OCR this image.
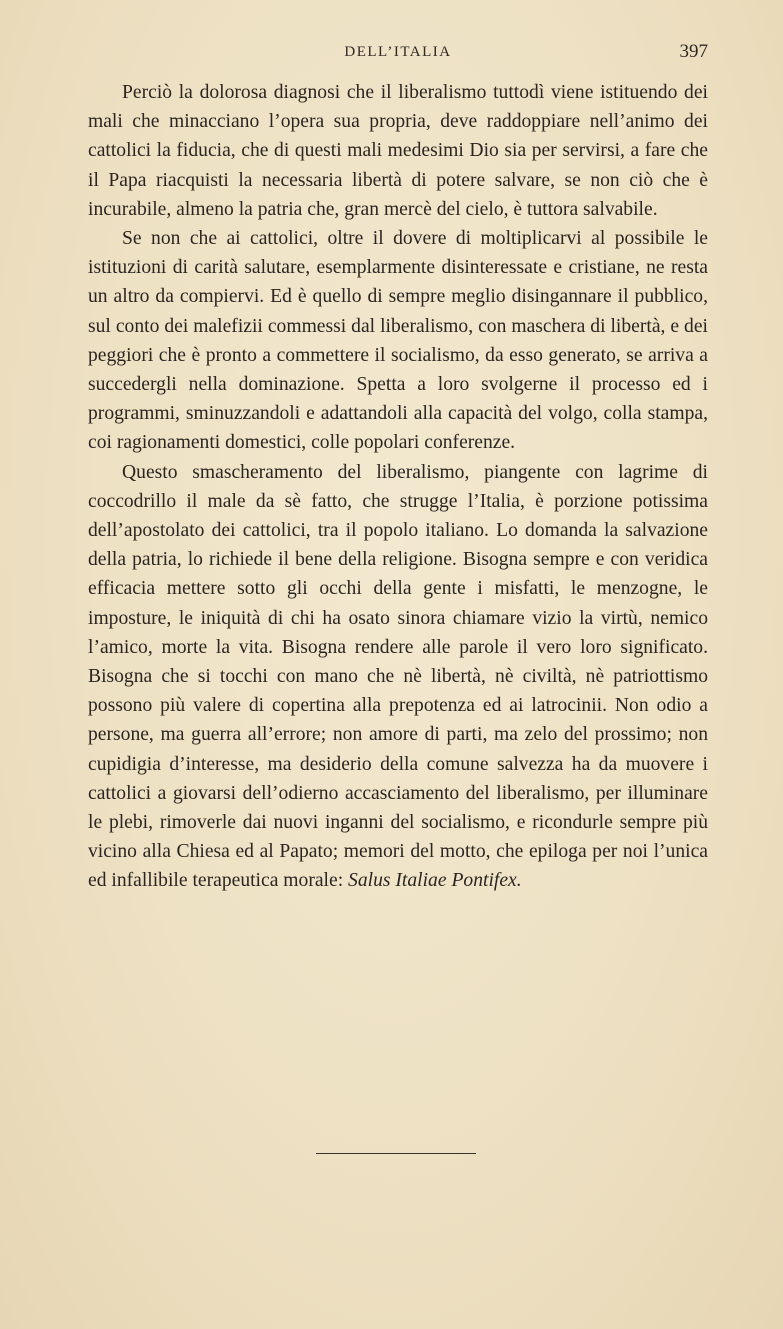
DELL’ITALIA	397

Perciò la dolorosa diagnosi che il liberalismo tuttodì viene istituendo dei mali che minacciano l’opera sua propria, deve raddoppiare nell’animo dei cattolici la fiducia, che di questi mali medesimi Dio sia per servirsi, a fare che il Papa riacquisti la necessaria libertà di potere salvare, se non ciò che è incurabile, almeno la patria che, gran mercè del cielo, è tuttora salvabile.

Se non che ai cattolici, oltre il dovere di moltiplicarvi al possibile le istituzioni di carità salutare, esemplarmente disinteressate e cristiane, ne resta un altro da compiervi. Ed è quello di sempre meglio disingannare il pubblico, sul conto dei malefizii commessi dal liberalismo, con maschera di libertà, e dei peggiori che è pronto a commettere il socialismo, da esso generato, se arriva a succedergli nella dominazione. Spetta a loro svolgerne il processo ed i programmi, sminuzzandoli e adattandoli alla capacità del volgo, colla stampa, coi ragionamenti domestici, colle popolari conferenze.

Questo smascheramento del liberalismo, piangente con lagrime di coccodrillo il male da sè fatto, che strugge l’Italia, è porzione potissima dell’apostolato dei cattolici, tra il popolo italiano. Lo domanda la salvazione della patria, lo richiede il bene della religione. Bisogna sempre e con veridica efficacia mettere sotto gli occhi della gente i misfatti, le menzogne, le imposture, le iniquità di chi ha osato sinora chiamare vizio la virtù, nemico l’amico, morte la vita. Bisogna rendere alle parole il vero loro significato. Bisogna che si tocchi con mano che nè libertà, nè civiltà, nè patriottismo possono più valere di copertina alla prepotenza ed ai latrocinii. Non odio a persone, ma guerra all’errore; non amore di parti, ma zelo del prossimo; non cupidigia d’interesse, ma desiderio della comune salvezza ha da muovere i cattolici a giovarsi dell’odierno accasciamento del liberalismo, per illuminare le plebi, rimoverle dai nuovi inganni del socialismo, e ricondurle sempre più vicino alla Chiesa ed al Papato; memori del motto, che epiloga per noi l’unica ed infallibile terapeutica morale: Salus Italiae Pontifex.
